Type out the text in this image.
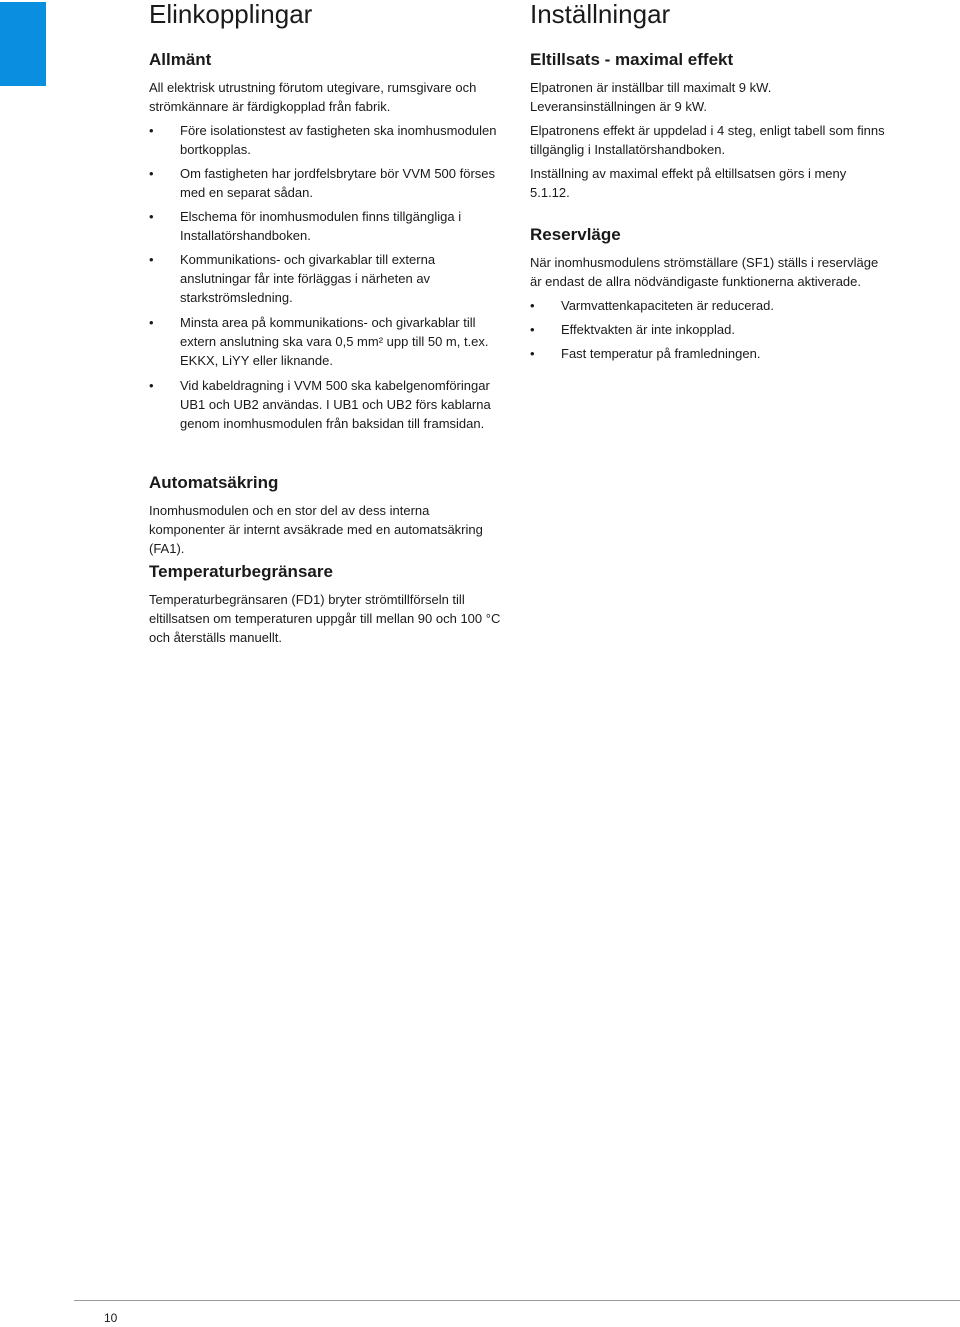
Elinkopplingar
Allmänt

All elektrisk utrustning förutom utegivare, rumsgivare och strömkännare är färdigkopplad från fabrik.

• Före isolationstest av fastigheten ska inomhusmodulen bortkopplas.
• Om fastigheten har jordfelsbrytare bör VVM 500 förses med en separat sådan.
• Elschema för inomhusmodulen finns tillgängliga i Installatörshandboken.
• Kommunikations- och givarkablar till externa anslutningar får inte förläggas i närheten av starkströmsledning.
• Minsta area på kommunikations- och givarkablar till extern anslutning ska vara 0,5 mm² upp till 50 m, t.ex. EKKX, LiYY eller liknande.
• Vid kabeldragning i VVM 500 ska kabelgenomföringar UB1 och UB2 användas. I UB1 och UB2 förs kablarna genom inomhusmodulen från baksidan till framsidan.
Automatsäkring

Inomhusmodulen och en stor del av dess interna komponenter är internt avsäkrade med en automatsäkring (FA1).

Temperaturbegränsare

Temperaturbegränsaren (FD1) bryter strömtillförseln till eltillsatsen om temperaturen uppgår till mellan 90 och 100 °C och återställs manuellt.

Inställningar
Eltillsats - maximal effekt

Elpatronen är inställbar till maximalt 9 kW. Leveransinställningen är 9 kW.

Elpatronens effekt är uppdelad i 4 steg, enligt tabell som finns tillgänglig i Installatörshandboken.

Inställning av maximal effekt på eltillsatsen görs i meny 5.1.12.

Reservläge

När inomhusmodulens strömställare (SF1) ställs i reservläge är endast de allra nödvändigaste funktionerna aktiverade.

• Varmvattenkapaciteten är reducerad.
• Effektvakten är inte inkopplad.
• Fast temperatur på framledningen.
10
